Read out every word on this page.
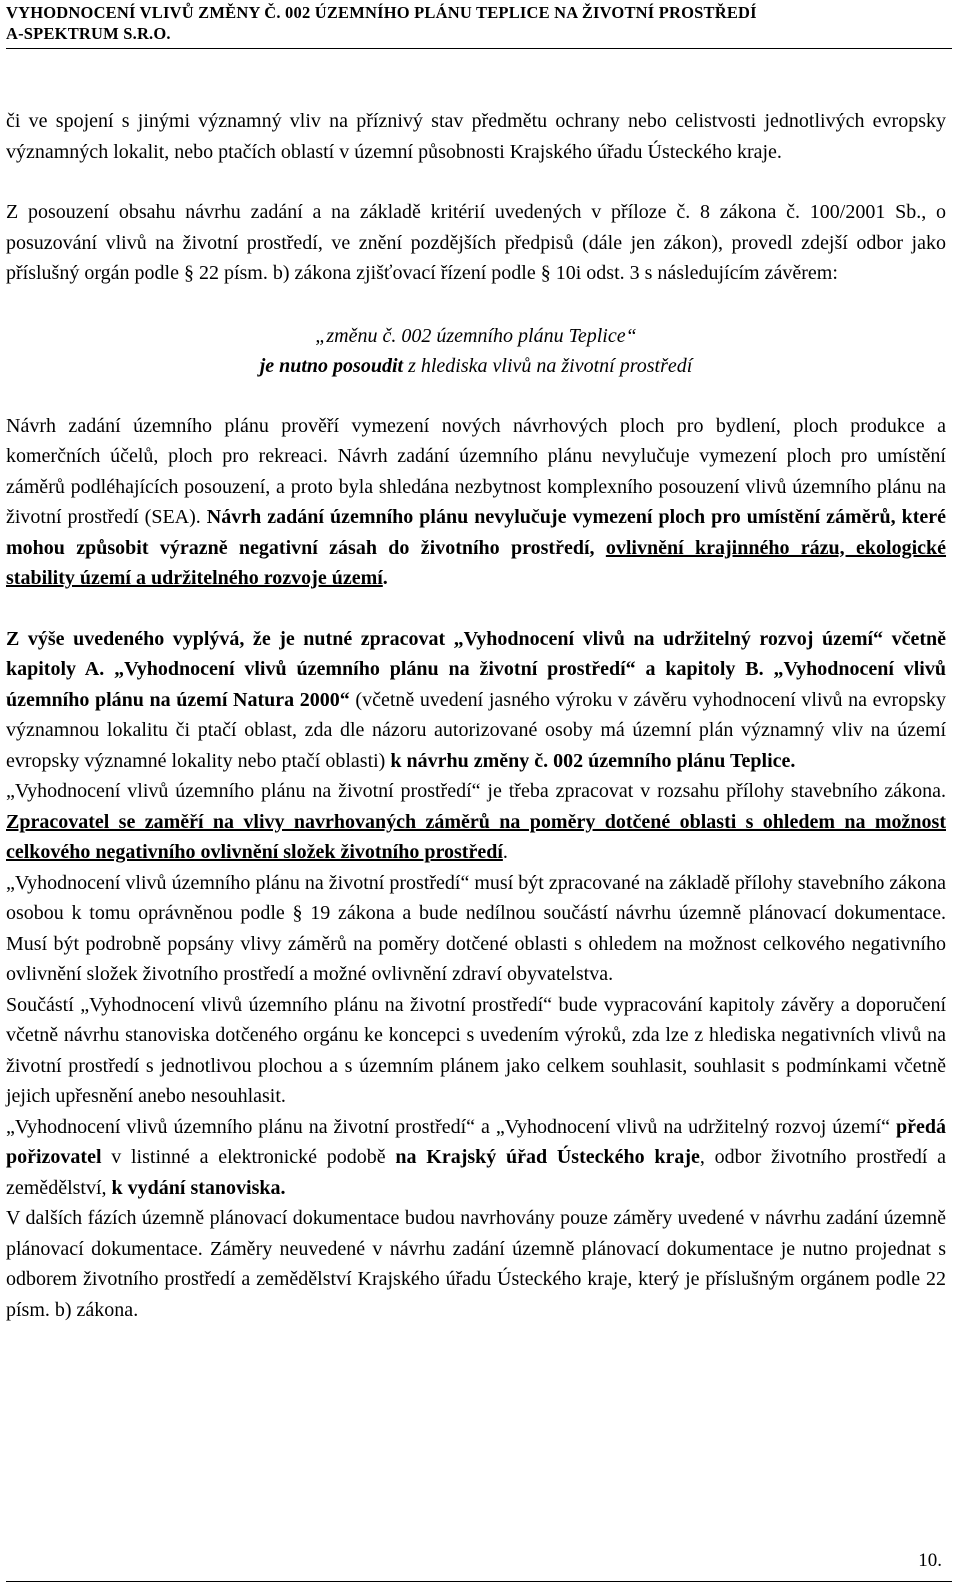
VYHODNOCENÍ VLIVŮ ZMĚNY Č. 002 ÚZEMNÍHO PLÁNU TEPLICE NA ŽIVOTNÍ PROSTŘEDÍ
A-SPEKTRUM S.R.O.

či ve spojení s jinými významný vliv na příznivý stav předmětu ochrany nebo celistvosti jednotlivých evropsky významných lokalit, nebo ptačích oblastí v územní působnosti Krajského úřadu Ústeckého kraje.

Z posouzení obsahu návrhu zadání a na základě kritérií uvedených v příloze č. 8 zákona č. 100/2001 Sb., o posuzování vlivů na životní prostředí, ve znění pozdějších předpisů (dále jen zákon), provedl zdejší odbor jako příslušný orgán podle § 22 písm. b) zákona zjišťovací řízení podle § 10i odst. 3 s následujícím závěrem:

„změnu č. 002 územního plánu Teplice“
je nutno posoudit z hlediska vlivů na životní prostředí

Návrh zadání územního plánu prověří vymezení nových návrhových ploch pro bydlení, ploch produkce a komerčních účelů, ploch pro rekreaci. Návrh zadání územního plánu nevylučuje vymezení ploch pro umístění záměrů podléhajících posouzení, a proto byla shledána nezbytnost komplexního posouzení vlivů územního plánu na životní prostředí (SEA). Návrh zadání územního plánu nevylučuje vymezení ploch pro umístění záměrů, které mohou způsobit výrazně negativní zásah do životního prostředí, ovlivnění krajinného rázu, ekologické stability území a udržitelného rozvoje území.

Z výše uvedeného vyplývá, že je nutné zpracovat „Vyhodnocení vlivů na udržitelný rozvoj území“ včetně kapitoly A. „Vyhodnocení vlivů územního plánu na životní prostředí“ a kapitoly B. „Vyhodnocení vlivů územního plánu na území Natura 2000“ (včetně uvedení jasného výroku v závěru vyhodnocení vlivů na evropsky významnou lokalitu či ptačí oblast, zda dle názoru autorizované osoby má územní plán významný vliv na území evropsky významné lokality nebo ptačí oblasti) k návrhu změny č. 002 územního plánu Teplice.

„Vyhodnocení vlivů územního plánu na životní prostředí“ je třeba zpracovat v rozsahu přílohy stavebního zákona. Zpracovatel se zaměří na vlivy navrhovaných záměrů na poměry dotčené oblasti s ohledem na možnost celkového negativního ovlivnění složek životního prostředí.

„Vyhodnocení vlivů územního plánu na životní prostředí“ musí být zpracované na základě přílohy stavebního zákona osobou k tomu oprávněnou podle § 19 zákona a bude nedílnou součástí návrhu územně plánovací dokumentace. Musí být podrobně popsány vlivy záměrů na poměry dotčené oblasti s ohledem na možnost celkového negativního ovlivnění složek životního prostředí a možné ovlivnění zdraví obyvatelstva.

Součástí „Vyhodnocení vlivů územního plánu na životní prostředí“ bude vypracování kapitoly závěry a doporučení včetně návrhu stanoviska dotčeného orgánu ke koncepci s uvedením výroků, zda lze z hlediska negativních vlivů na životní prostředí s jednotlivou plochou a s územním plánem jako celkem souhlasit, souhlasit s podmínkami včetně jejich upřesnění anebo nesouhlasit.

„Vyhodnocení vlivů územního plánu na životní prostředí“ a „Vyhodnocení vlivů na udržitelný rozvoj území“ předá pořizovatel v listinné a elektronické podobě na Krajský úřad Ústeckého kraje, odbor životního prostředí a zemědělství, k vydání stanoviska.

V dalších fázích územně plánovací dokumentace budou navrhovány pouze záměry uvedené v návrhu zadání územně plánovací dokumentace. Záměry neuvedené v návrhu zadání územně plánovací dokumentace je nutno projednat s odborem životního prostředí a zemědělství Krajského úřadu Ústeckého kraje, který je příslušným orgánem podle 22 písm. b) zákona.

10.
